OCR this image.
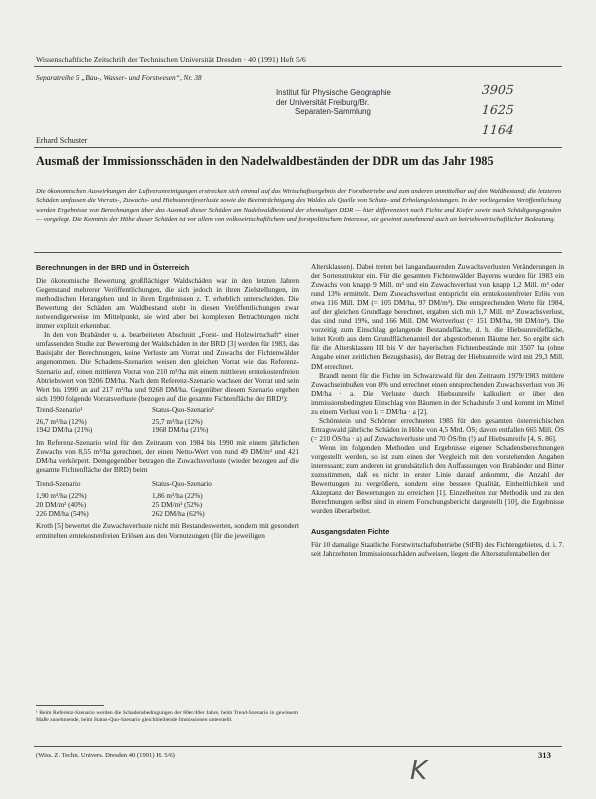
Wissenschaftliche Zeitschrift der Technischen Universität Dresden · 40 (1991) Heft 5/6
Separatreihe 5 „Bau-, Wasser- und Forstwesen“, Nr. 38
Institut für Physische Geographie
der Universität Freiburg/Br.
Separaten-Sammlung
3905
1625
1164
Erhard Schuster
Ausmaß der Immissionsschäden in den Nadelwaldbeständen der DDR um das Jahr 1985
Die ökonomischen Auswirkungen der Luftverunreinigungen erstrecken sich einmal auf das Wirtschaftsergebnis der Forstbetriebe und zum anderen unmittelbar auf den Waldbestand; die letzteren Schäden umfassen die Vorrats-, Zuwachs- und Hiebsunreifeverluste sowie die Beeinträchtigung des Waldes als Quelle von Schutz- und Erholungsleistungen. In der vorliegenden Veröffentlichung werden Ergebnisse von Berechnungen über das Ausmaß dieser Schäden am Nadelwaldbestand der ehemaligen DDR — hier differenziert nach Fichte und Kiefer sowie nach Schädigungsgraden — vorgelegt. Die Kenntnis der Höhe dieser Schäden ist vor allem von volkswirtschaftlichem und forstpolitischem Interesse, sie gewinnt zunehmend auch an betriebswirtschaftlicher Bedeutung.
Berechnungen in der BRD und in Österreich

Die ökonomische Bewertung großflächiger Waldschäden war in den letzten Jahren Gegenstand mehrerer Veröffentlichungen, die sich jedoch in ihren Zielstellungen, im methodischen Herangehen und in ihren Ergebnissen z. T. erheblich unterscheiden. Die Bewertung der Schäden am Waldbestand steht in diesen Veröffentlichungen zwar notwendigerweise im Mittelpunkt, sie wird aber bei komplexen Betrachtungen nicht immer explizit erkennbar.

In den von Brabänder u. a. bearbeiteten Abschnitt „Forst- und Holzwirtschaft“ einer umfassenden Studie zur Bewertung der Waldschäden in der BRD [3] werden für 1983, das Basisjahr der Berechnungen, keine Verluste am Vorrat und Zuwachs der Fichtenwälder angenommen. Die Schadens-Szenarien weisen den gleichen Vorrat wie das Referenz-Szenario auf, einen mittleren Vorrat von 210 m³/ha mit einem mittleren erntekostenfreien Abtriebswert von 9206 DM/ha. Nach dem Referenz-Szenario wachsen der Vorrat und sein Wert bis 1990 an auf 217 m³/ha und 9268 DM/ha. Gegenüber diesem Szenario ergeben sich 1990 folgende Vorratsverluste (bezogen auf die gesamte Fichtenfläche der BRD¹):

Trend-Szenario¹	Status-Quo-Szenario¹
26,7 m³/ha (12%)	25,7 m³/ha (12%)
1942 DM/ha (21%)	1968 DM/ha (21%)

Im Referenz-Szenario wird für den Zeitraum von 1984 bis 1990 mit einem jährlichen Zuwachs von 8,55 m³/ha gerechnet, der einen Netto-Wert von rund 49 DM/m³ und 421 DM/ha verkörpert. Demgegenüber betragen die Zuwachsverluste (wieder bezogen auf die gesamte Fichtenfläche der BRD) beim

Trend-Szenario	Status-Quo-Szenario
1,90 m³/ha (22%)	1,86 m³/ha (22%)
20 DM/m³ (40%)	25 DM/m³ (52%)
226 DM/ha (54%)	262 DM/ha (62%)

Kroth [5] bewertet die Zuwachsverluste nicht mit Bestandeswerten, sondern mit gesondert ermittelten erntekostenfreien Erlösen aus den Vornutzungen (für die jeweiligen

¹ Beim Referenz-Szenario werden die Schadensbedingungen der 80er/40er Jahre, beim Trend-Szenario in gewissem Maße zunehmende, beim Status-Quo-Szenario gleichbleibende Immissionen unterstellt.

Altersklassen). Dabei treten bei langandauernden Zuwachsverlusten Veränderungen in der Sortenstruktur ein. Für die gesamten Fichtenwälder Bayerns wurden für 1983 ein Zuwachs von knapp 9 Mill. m³ und ein Zuwachsverlust von knapp 1,2 Mill. m³ oder rund 13% ermittelt. Dem Zuwachsverlust entspricht ein erntekostenfreier Erlös von etwa 116 Mill. DM (= 105 DM/ha, 97 DM/m³). Die entsprechenden Werte für 1984, auf der gleichen Grundlage berechnet, ergaben sich mit 1,7 Mill. m³ Zuwachsverlust, das sind rund 19%, und 166 Mill. DM Wertverlust (= 151 DM/ha, 98 DM/m³). Die vorzeitig zum Einschlag gelangende Bestandsfläche, d. h. die Hiebsunreifefläche, leitet Kroth aus dem Grundflächenanteil der abgestorbenen Bäume her. So ergibt sich für die Altersklassen III bis V der bayerischen Fichtenbestände mit 3507 ha (ohne Angabe einer zeitlichen Bezugsbasis), der Betrag der Hiebsunreife wird mit 29,3 Mill. DM errechnet.

Brandl nennt für die Fichte im Schwarzwald für den Zeitraum 1979/1983 mittlere Zuwachseinbußen von 8% und errechnet einen entsprechenden Zuwachsverlust von 36 DM/ha · a. Die Verluste durch Hiebsunreife kalkuliert er über den immissionsbedingten Einschlag von Bäumen in der Schadstufe 3 und kommt im Mittel zu einem Verlust von I₍ = DM/ha · a [2].

Schönstein und Schörner errechneten 1985 für den gesamten österreichischen Ertragswald jährliche Schäden in Höhe von 4,5 Mrd. ÖS; davon entfallen 665 Mill. ÖS (= 210 ÖS/ha · a) auf Zuwachsverluste und 70 ÖS/fm (!) auf Hiebsunreife [4, S. 86].

Wenn im folgenden Methoden und Ergebnisse eigener Schadensberechnungen vorgestellt werden, so ist zum einen der Vergleich mit den vorstehenden Angaben interessant; zum anderen ist grundsätzlich den Auffassungen von Brabänder und Bitter zuzustimmen, daß es nicht in erster Linie darauf ankommt, die Anzahl der Bewertungen zu vergrößern, sondern eine bessere Qualität, Einheitlichkeit und Akzeptanz der Bewertungen zu erreichen [1]. Einzelheiten zur Methodik und zu den Berechnungen selbst sind in einem Forschungsbericht dargestellt [10], die Ergebnisse wurden überarbeitet.

Ausgangsdaten Fichte

Für 10 damalige Staatliche Forstwirtschaftsbetriebe (StFB) des Fichtengebietes, d. i. 7. seit Jahrzehnten Immissionsschäden aufweisen, liegen die Altersstufentabellen der

(Wiss. Z. Techn. Univers. Dresden 40 (1991) H. 5/6)	313
K
